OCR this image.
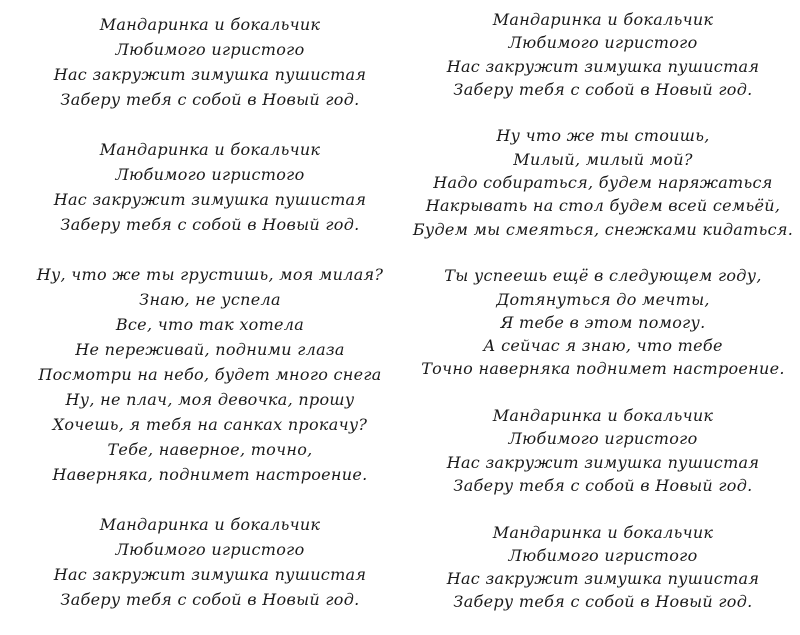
Мандаринка и бокальчик
Любимого игристого
Нас закружит зимушка пушистая
Заберу тебя с собой в Новый год.
Мандаринка и бокальчик
Любимого игристого
Нас закружит зимушка пушистая
Заберу тебя с собой в Новый год.
Ну, что же ты грустишь, моя милая?
Знаю, не успела
Все, что так хотела
Не переживай, подними глаза
Посмотри на небо, будет много снега
Ну, не плач, моя девочка, прошу
Хочешь, я тебя на санках прокачу?
Тебе, наверное, точно,
Наверняка, поднимет настроение.
Мандаринка и бокальчик
Любимого игристого
Нас закружит зимушка пушистая
Заберу тебя с собой в Новый год.
Мандаринка и бокальчик
Любимого игристого
Нас закружит зимушка пушистая
Заберу тебя с собой в Новый год.
Ну что же ты стоишь,
Милый, милый мой?
Надо собираться, будем наряжаться
Накрывать на стол будем всей семьёй,
Будем мы смеяться, снежками кидаться.
Ты успеешь ещё в следующем году,
Дотянуться до мечты,
Я тебе в этом помогу.
А сейчас я знаю, что тебе
Точно наверняка поднимет настроение.
Мандаринка и бокальчик
Любимого игристого
Нас закружит зимушка пушистая
Заберу тебя с собой в Новый год.
Мандаринка и бокальчик
Любимого игристого
Нас закружит зимушка пушистая
Заберу тебя с собой в Новый год.
